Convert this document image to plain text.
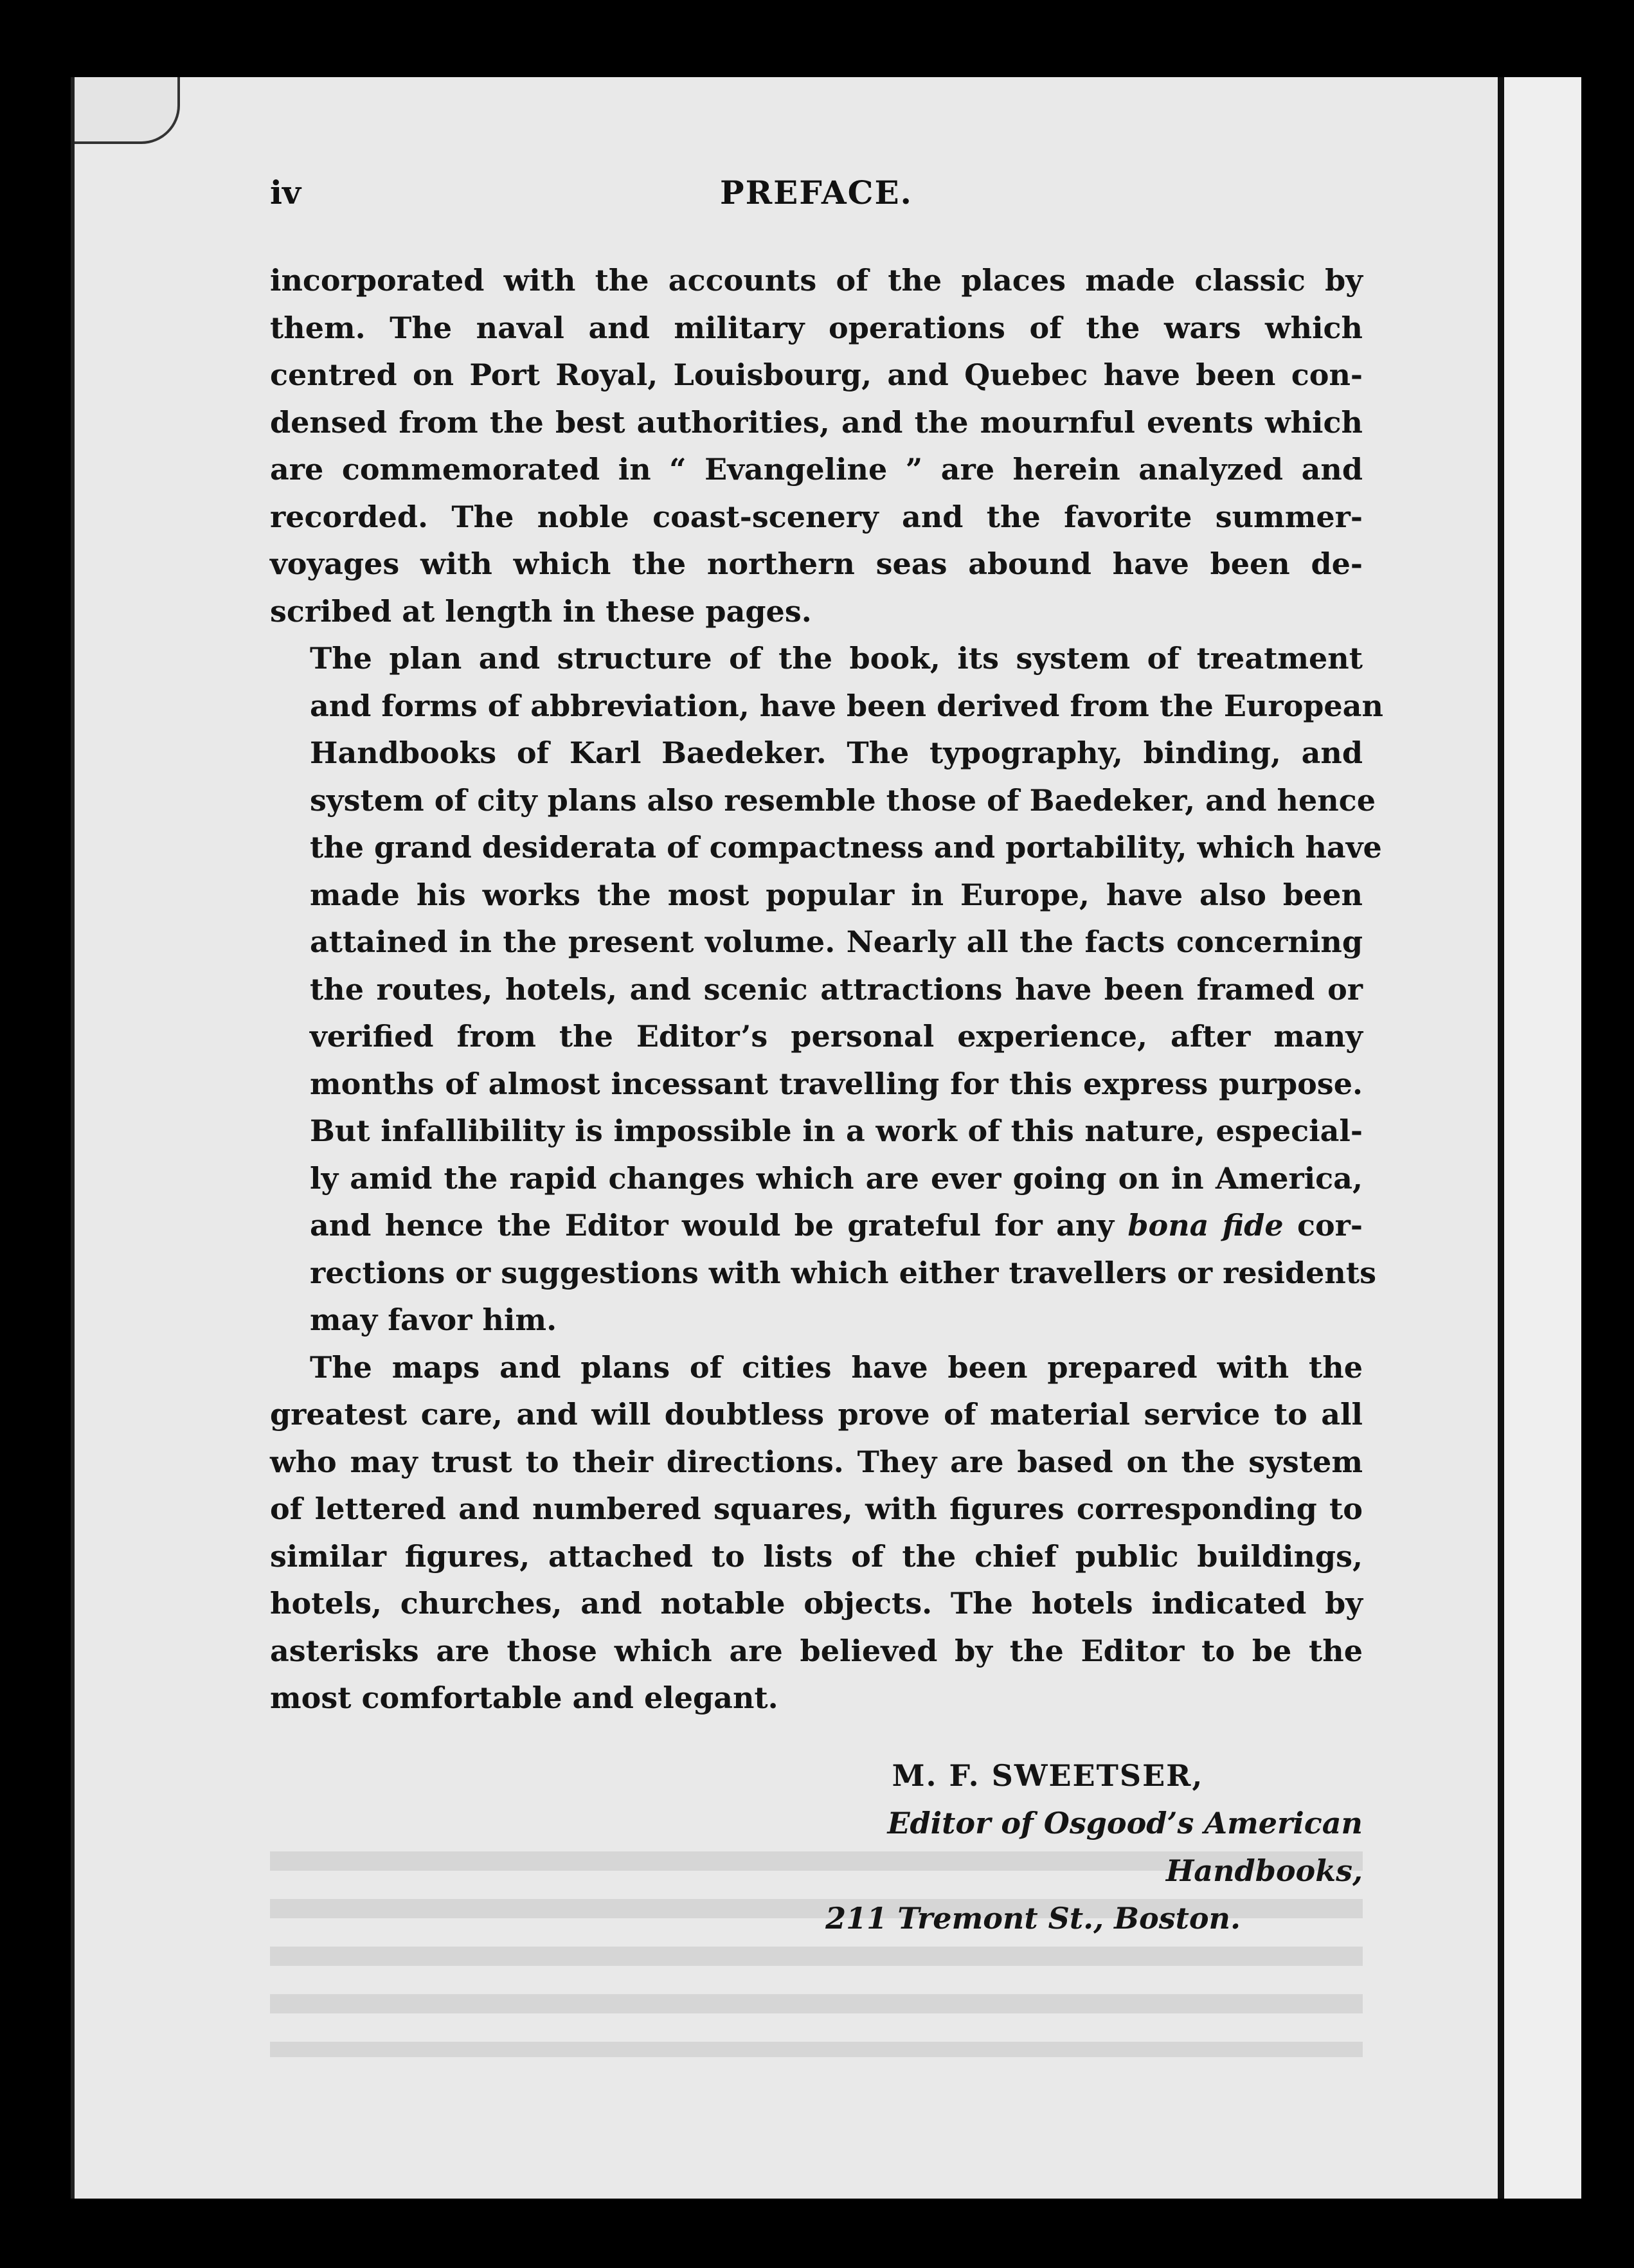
iv	PREFACE.

incorporated with the accounts of the places made classic by
them. The naval and military operations of the wars which
centred on Port Royal, Louisbourg, and Quebec have been con-
densed from the best authorities, and the mournful events which
are commemorated in “ Evangeline ” are herein analyzed and
recorded. The noble coast-scenery and the favorite summer-
voyages with which the northern seas abound have been de-
scribed at length in these pages.

The plan and structure of the book, its system of treatment
and forms of abbreviation, have been derived from the European
Handbooks of Karl Baedeker. The typography, binding, and
system of city plans also resemble those of Baedeker, and hence
the grand desiderata of compactness and portability, which have
made his works the most popular in Europe, have also been
attained in the present volume. Nearly all the facts concerning
the routes, hotels, and scenic attractions have been framed or
verified from the Editor’s personal experience, after many
months of almost incessant travelling for this express purpose.
But infallibility is impossible in a work of this nature, especial-
ly amid the rapid changes which are ever going on in America,
and hence the Editor would be grateful for any bona fide cor-
rections or suggestions with which either travellers or residents
may favor him.

The maps and plans of cities have been prepared with the
greatest care, and will doubtless prove of material service to all
who may trust to their directions. They are based on the system
of lettered and numbered squares, with figures corresponding to
similar figures, attached to lists of the chief public buildings,
hotels, churches, and notable objects. The hotels indicated by
asterisks are those which are believed by the Editor to be the
most comfortable and elegant.

M. F. SWEETSER,
Editor of Osgood’s American Handbooks,
211 Tremont St., Boston.
